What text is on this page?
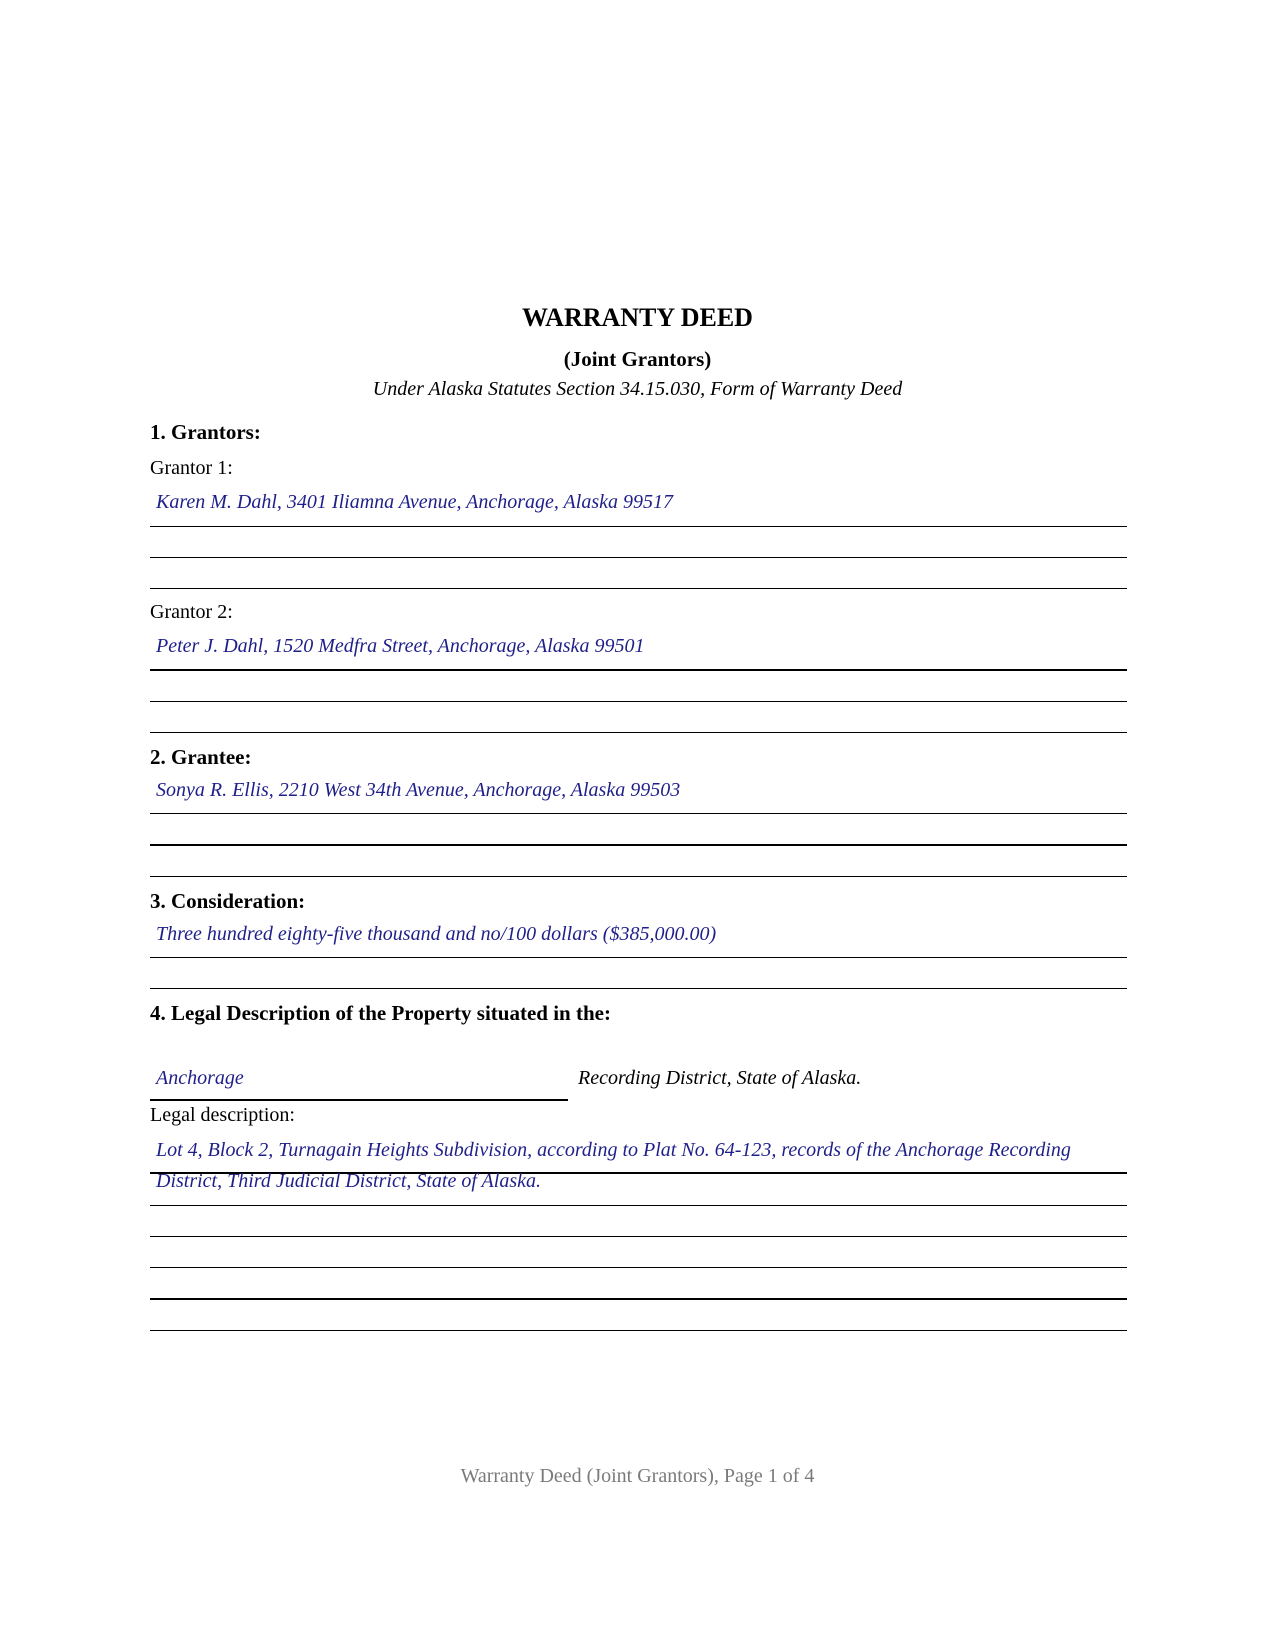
WARRANTY DEED
(Joint Grantors)
Under Alaska Statutes Section 34.15.030, Form of Warranty Deed
1. Grantors:
Grantor 1:
Karen M. Dahl, 3401 Iliamna Avenue, Anchorage, Alaska 99517
Grantor 2:
Peter J. Dahl, 1520 Medfra Street, Anchorage, Alaska 99501
2. Grantee:
Sonya R. Ellis, 2210 West 34th Avenue, Anchorage, Alaska 99503
3. Consideration:
Three hundred eighty-five thousand and no/100 dollars ($385,000.00)
4. Legal Description of the Property situated in the:
Anchorage	Recording District, State of Alaska.
Legal description:
Lot 4, Block 2, Turnagain Heights Subdivision, according to Plat No. 64-123, records of the Anchorage Recording
District, Third Judicial District, State of Alaska.
Warranty Deed (Joint Grantors), Page 1 of 4
